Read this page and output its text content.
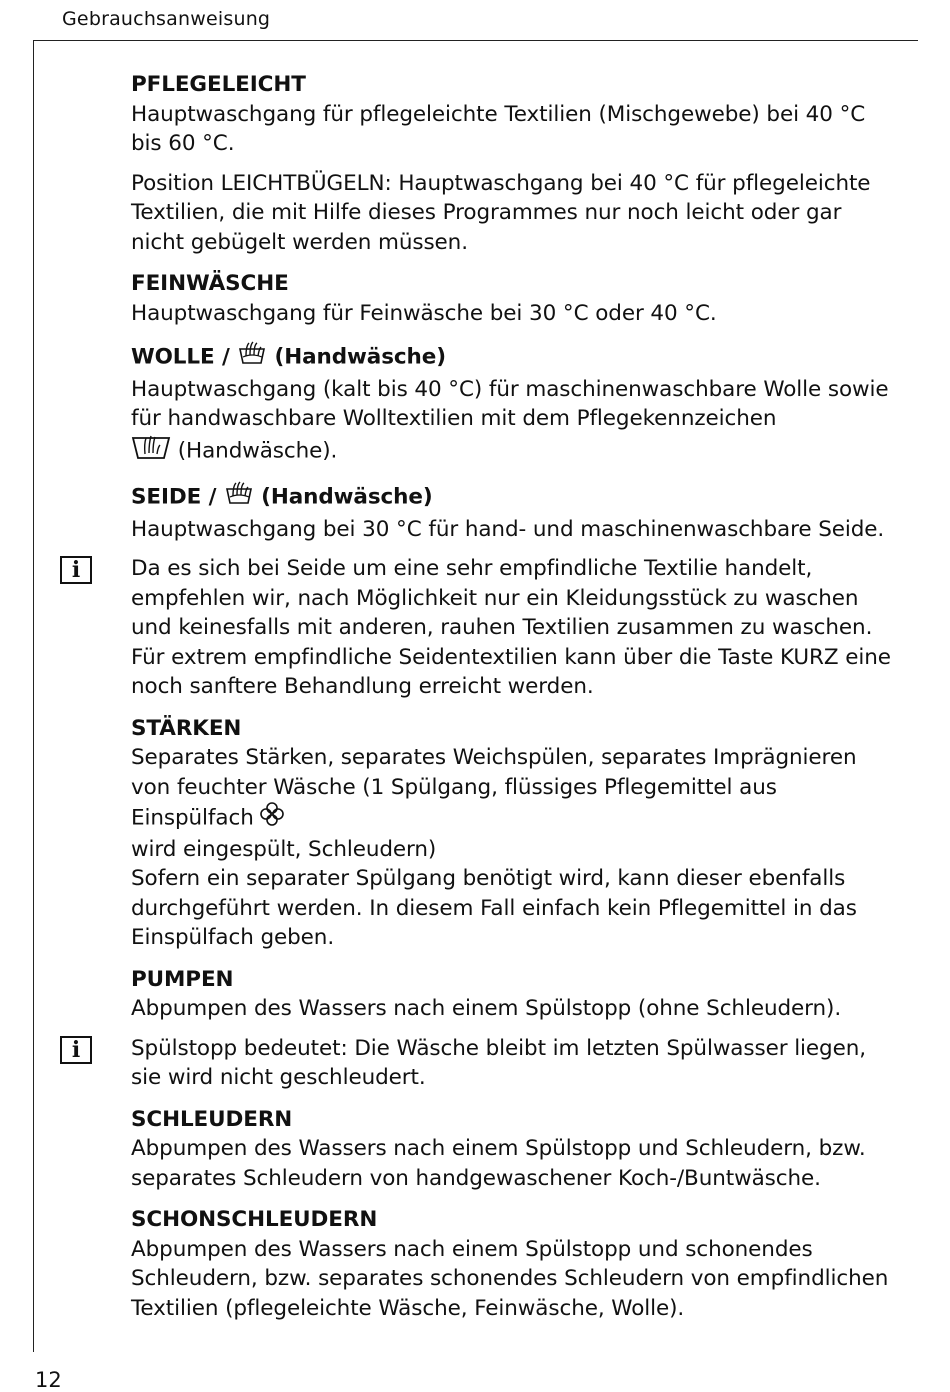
Gebrauchsanweisung

PFLEGELEICHT

Hauptwaschgang für pflegeleichte Textilien (Mischgewebe) bei 40 °C bis 60 °C.

Position LEICHTBÜGELN: Hauptwaschgang bei 40 °C für pflegeleichte Textilien, die mit Hilfe dieses Programmes nur noch leicht oder gar nicht gebügelt werden müssen.

FEINWÄSCHE

Hauptwaschgang für Feinwäsche bei 30 °C oder 40 °C.

WOLLE /  (Handwäsche)

Hauptwaschgang (kalt bis 40 °C) für maschinenwaschbare Wolle sowie für handwaschbare Wolltextilien mit dem Pflegekennzeichen
(Handwäsche).

SEIDE /  (Handwäsche)

Hauptwaschgang bei 30 °C für hand- und maschinenwaschbare Seide.

i	Da es sich bei Seide um eine sehr empfindliche Textilie handelt, empfehlen wir, nach Möglichkeit nur ein Kleidungsstück zu waschen und keinesfalls mit anderen, rauhen Textilien zusammen zu waschen. Für extrem empfindliche Seidentextilien kann über die Taste KURZ eine noch sanftere Behandlung erreicht werden.

STÄRKEN

Separates Stärken, separates Weichspülen, separates Imprägnieren von feuchter Wäsche (1 Spülgang, flüssiges Pflegemittel aus Einspülfach
wird eingespült, Schleudern)

Sofern ein separater Spülgang benötigt wird, kann dieser ebenfalls durchgeführt werden. In diesem Fall einfach kein Pflegemittel in das Einspülfach geben.

PUMPEN

Abpumpen des Wassers nach einem Spülstopp (ohne Schleudern).

i	Spülstopp bedeutet: Die Wäsche bleibt im letzten Spülwasser liegen, sie wird nicht geschleudert.

SCHLEUDERN

Abpumpen des Wassers nach einem Spülstopp und Schleudern, bzw. separates Schleudern von handgewaschener Koch-/Buntwäsche.

SCHONSCHLEUDERN

Abpumpen des Wassers nach einem Spülstopp und schonendes Schleudern, bzw. separates schonendes Schleudern von empfindlichen Textilien (pflegeleichte Wäsche, Feinwäsche, Wolle).

12
